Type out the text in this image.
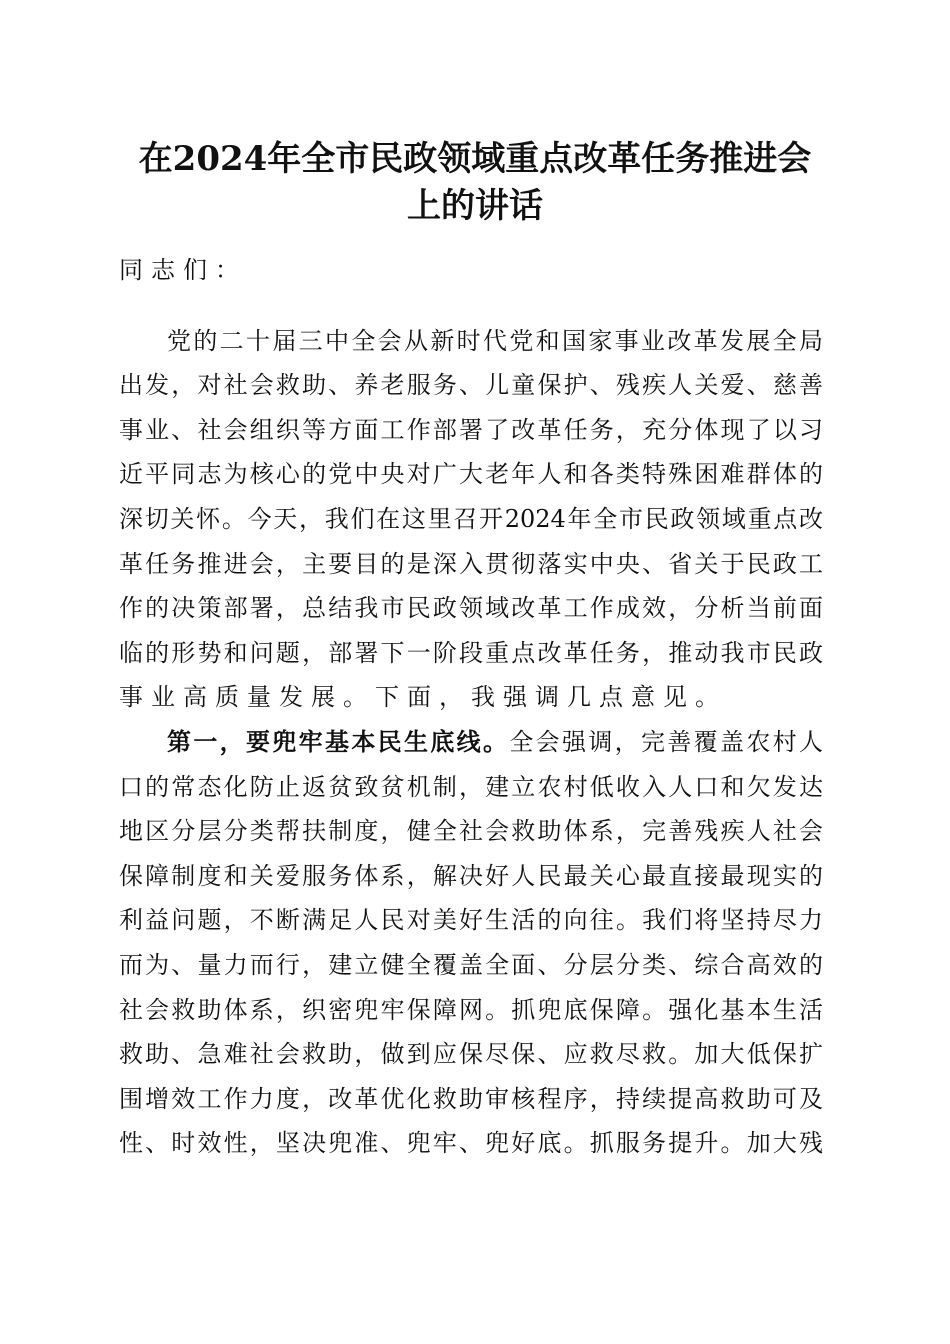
在2024年全市民政领域重点改革任务推进会
上的讲话
同志们：
党的二十届三中全会从新时代党和国家事业改革发展全局
出发，对社会救助、养老服务、儿童保护、残疾人关爱、慈善
事业、社会组织等方面工作部署了改革任务，充分体现了以习
近平同志为核心的党中央对广大老年人和各类特殊困难群体的
深切关怀。今天，我们在这里召开2024年全市民政领域重点改
革任务推进会，主要目的是深入贯彻落实中央、省关于民政工
作的决策部署，总结我市民政领域改革工作成效，分析当前面
临的形势和问题，部署下一阶段重点改革任务，推动我市民政
事业高质量发展。下面，我强调几点意见。
第一，要兜牢基本民生底线。全会强调，完善覆盖农村人
口的常态化防止返贫致贫机制，建立农村低收入人口和欠发达
地区分层分类帮扶制度，健全社会救助体系，完善残疾人社会
保障制度和关爱服务体系，解决好人民最关心最直接最现实的
利益问题，不断满足人民对美好生活的向往。我们将坚持尽力
而为、量力而行，建立健全覆盖全面、分层分类、综合高效的
社会救助体系，织密兜牢保障网。抓兜底保障。强化基本生活
救助、急难社会救助，做到应保尽保、应救尽救。加大低保扩
围增效工作力度，改革优化救助审核程序，持续提高救助可及
性、时效性，坚决兜准、兜牢、兜好底。抓服务提升。加大残
